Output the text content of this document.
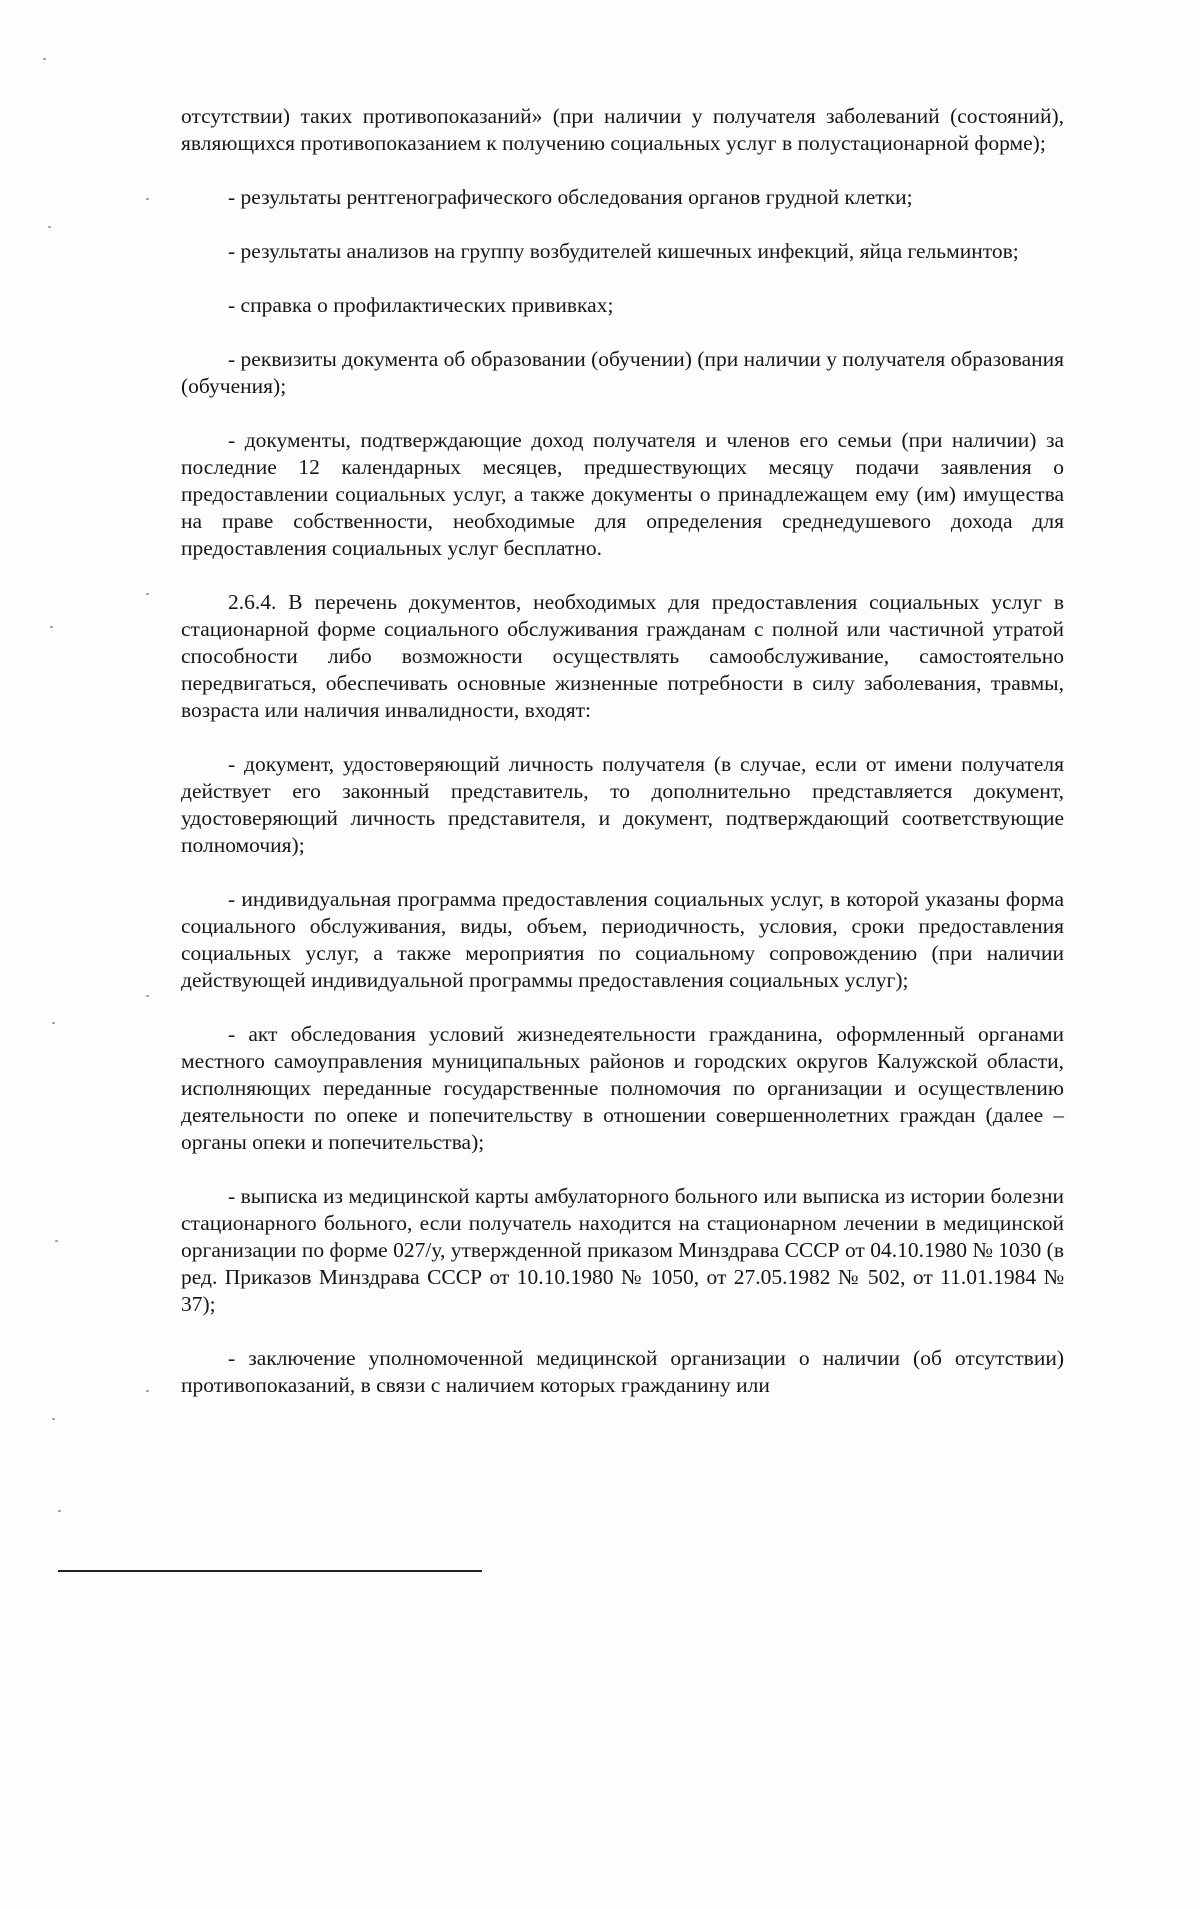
отсутствии) таких противопоказаний» (при наличии у получателя заболеваний (состояний), являющихся противопоказанием к получению социальных услуг в полустационарной форме);

- результаты рентгенографического обследования органов грудной клетки;

- результаты анализов на группу возбудителей кишечных инфекций, яйца гельминтов;

- справка о профилактических прививках;

- реквизиты документа об образовании (обучении) (при наличии у получателя образования (обучения);

- документы, подтверждающие доход получателя и членов его семьи (при наличии) за последние 12 календарных месяцев, предшествующих месяцу подачи заявления о предоставлении социальных услуг, а также документы о принадлежащем ему (им) имущества на праве собственности, необходимые для определения среднедушевого дохода для предоставления социальных услуг бесплатно.

2.6.4. В перечень документов, необходимых для предоставления социальных услуг в стационарной форме социального обслуживания гражданам с полной или частичной утратой способности либо возможности осуществлять самообслуживание, самостоятельно передвигаться, обеспечивать основные жизненные потребности в силу заболевания, травмы, возраста или наличия инвалидности, входят:

- документ, удостоверяющий личность получателя (в случае, если от имени получателя действует его законный представитель, то дополнительно представляется документ, удостоверяющий личность представителя, и документ, подтверждающий соответствующие полномочия);

- индивидуальная программа предоставления социальных услуг, в которой указаны форма социального обслуживания, виды, объем, периодичность, условия, сроки предоставления социальных услуг, а также мероприятия по социальному сопровождению (при наличии действующей индивидуальной программы предоставления социальных услуг);

- акт обследования условий жизнедеятельности гражданина, оформленный органами местного самоуправления муниципальных районов и городских округов Калужской области, исполняющих переданные государственные полномочия по организации и осуществлению деятельности по опеке и попечительству в отношении совершеннолетних граждан (далее – органы опеки и попечительства);

- выписка из медицинской карты амбулаторного больного или выписка из истории болезни стационарного больного, если получатель находится на стационарном лечении в медицинской организации по форме 027/у, утвержденной приказом Минздрава СССР от 04.10.1980 № 1030 (в ред. Приказов Минздрава СССР от 10.10.1980 № 1050, от 27.05.1982 № 502, от 11.01.1984 № 37);

- заключение уполномоченной медицинской организации о наличии (об отсутствии) противопоказаний, в связи с наличием которых гражданину или
